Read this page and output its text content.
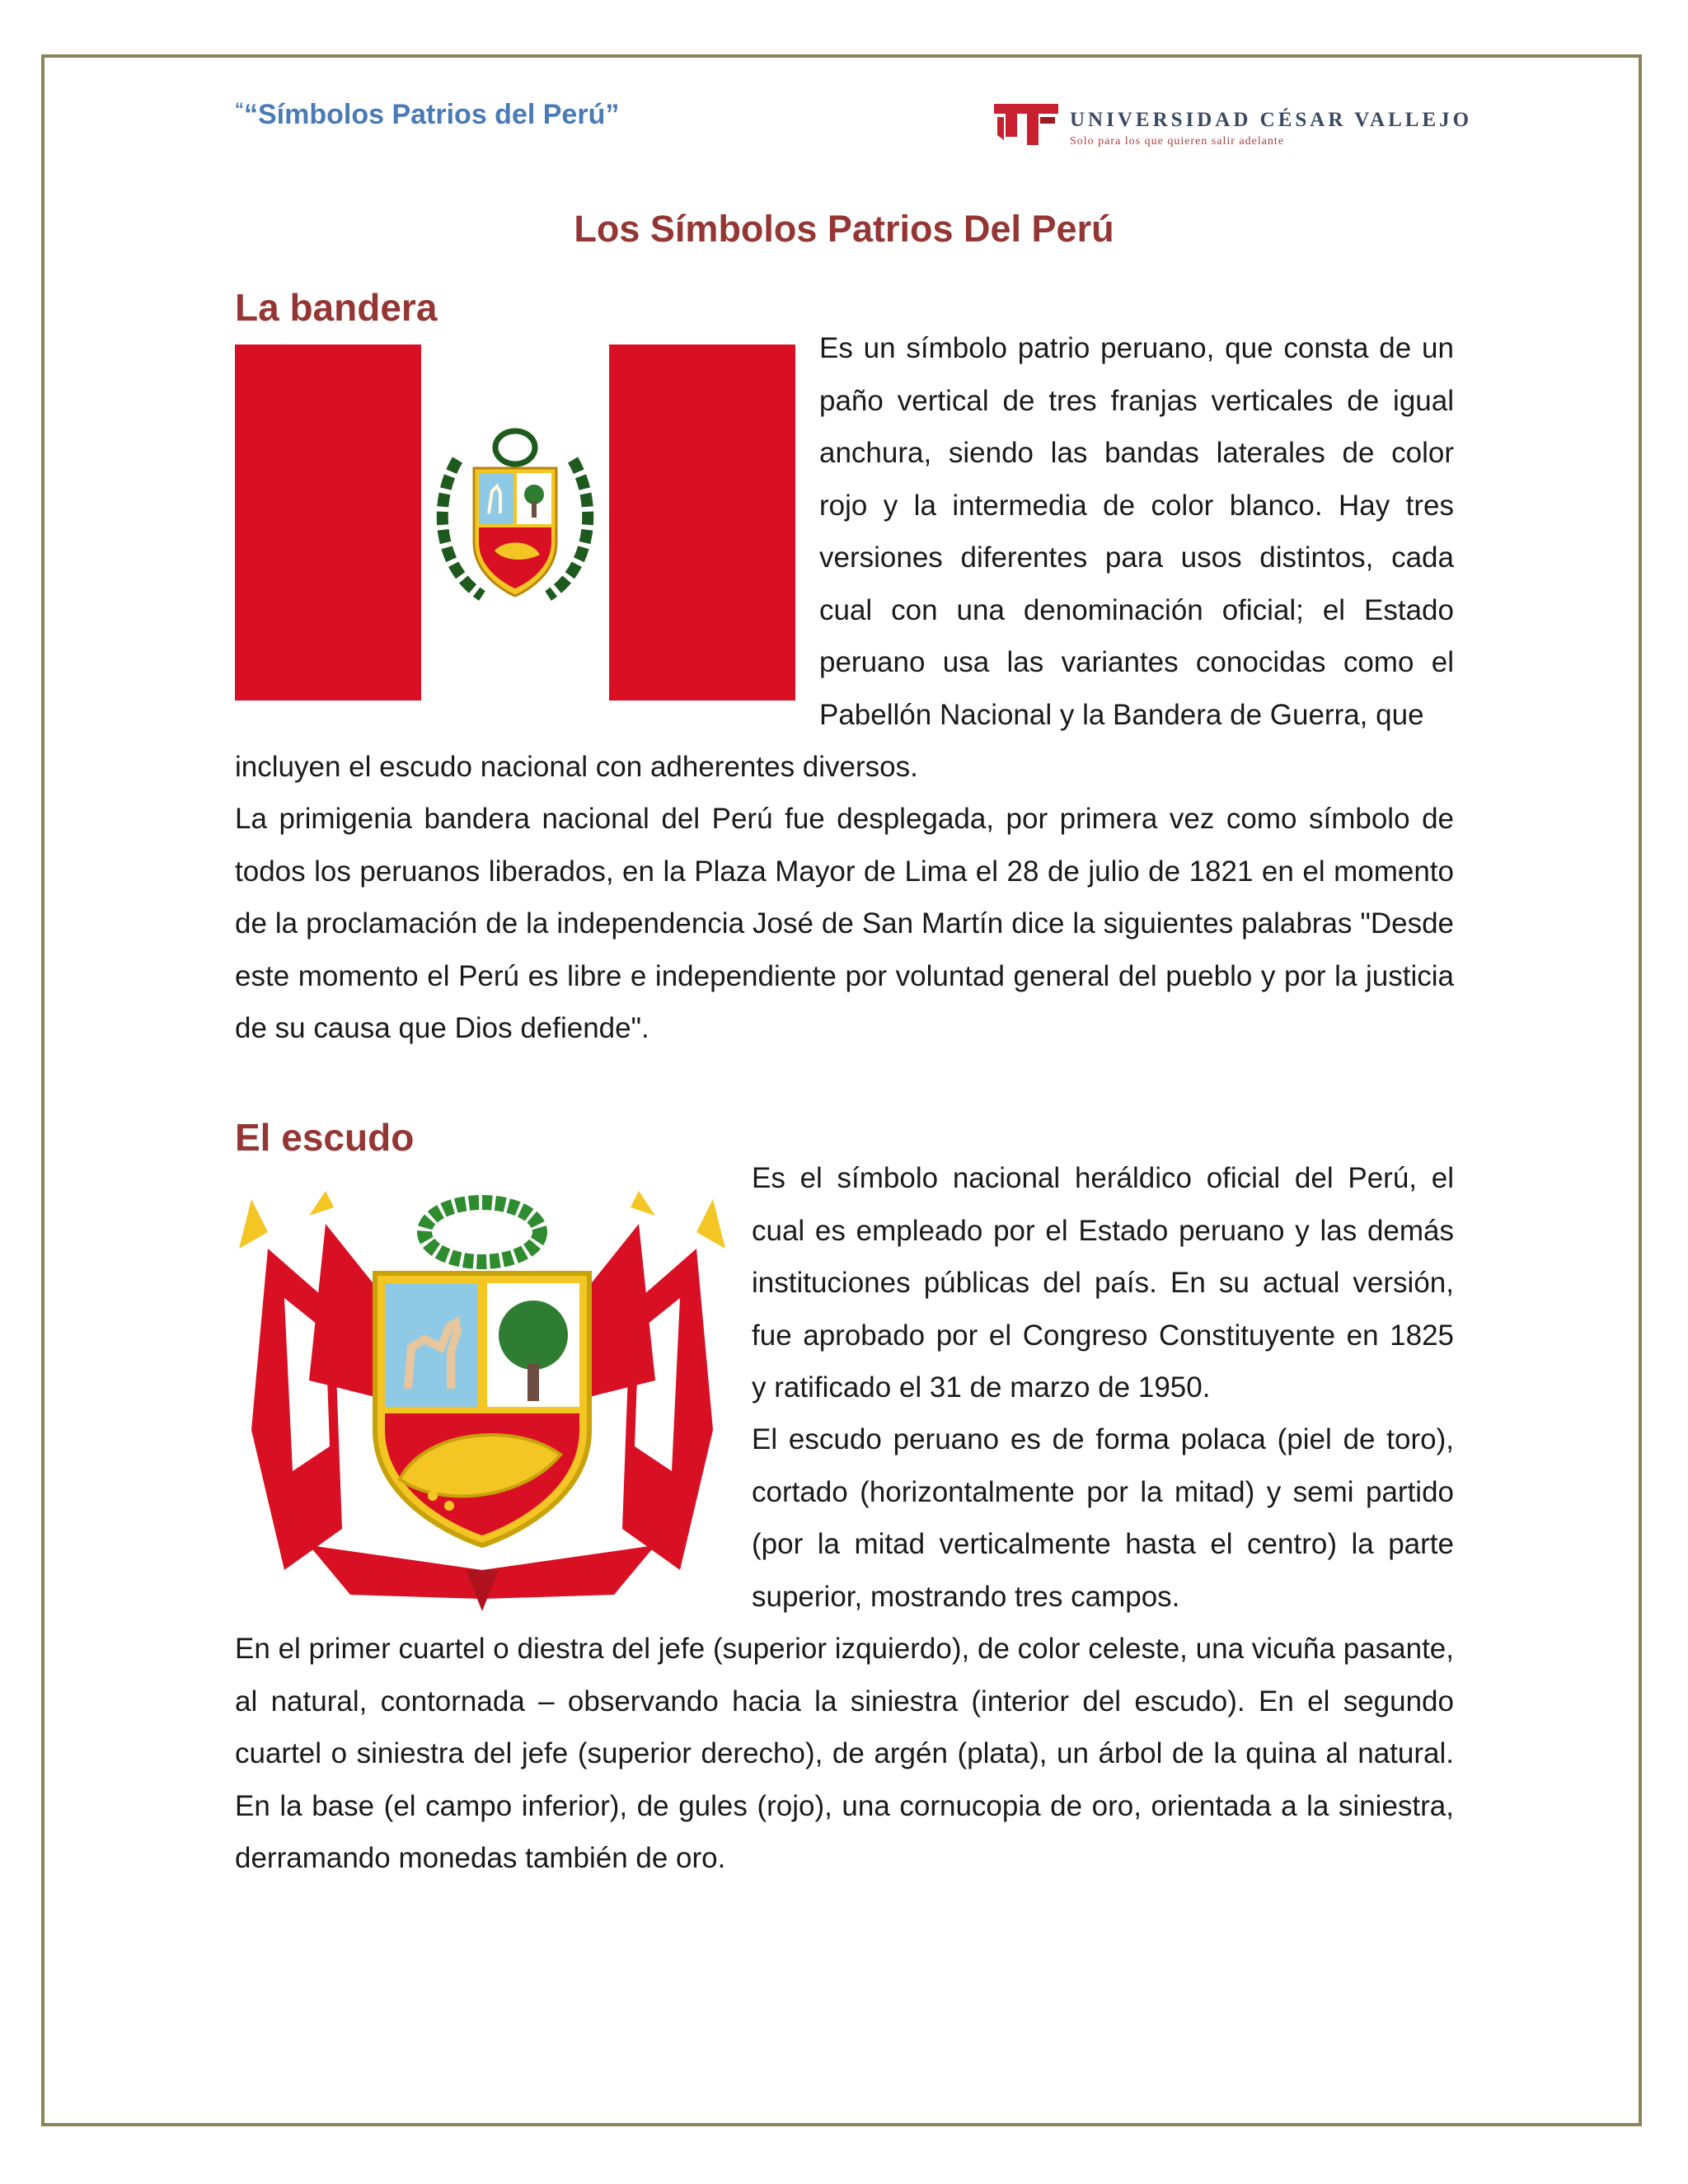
““Símbolos Patrios del Perú”	UNIVERSIDAD CÉSAR VALLEJO
Solo para los que quieren salir adelante
Los Símbolos Patrios Del Perú
La bandera

Es un símbolo patrio peruano, que consta de un paño vertical de tres franjas verticales de igual anchura, siendo las bandas laterales de color rojo y la intermedia de color blanco. Hay tres versiones diferentes para usos distintos, cada cual con una denominación oficial; el Estado peruano usa las variantes conocidas como el Pabellón Nacional y la Bandera de Guerra, que

incluyen el escudo nacional con adherentes diversos.

La primigenia bandera nacional del Perú fue desplegada, por primera vez como símbolo de todos los peruanos liberados, en la Plaza Mayor de Lima el 28 de julio de 1821 en el momento de la proclamación de la independencia José de San Martín dice la siguientes palabras "Desde este momento el Perú es libre e independiente por voluntad general del pueblo y por la justicia de su causa que Dios defiende".

El escudo

Es el símbolo nacional heráldico oficial del Perú, el cual es empleado por el Estado peruano y las demás instituciones públicas del país. En su actual versión, fue aprobado por el Congreso Constituyente en 1825 y ratificado el 31 de marzo de 1950.

El escudo peruano es de forma polaca (piel de toro), cortado (horizontalmente por la mitad) y semi partido (por la mitad verticalmente hasta el centro) la parte superior, mostrando tres campos.

En el primer cuartel o diestra del jefe (superior izquierdo), de color celeste, una vicuña pasante, al natural, contornada – observando hacia la siniestra (interior del escudo). En el segundo cuartel o siniestra del jefe (superior derecho), de argén (plata), un árbol de la quina al natural. En la base (el campo inferior), de gules (rojo), una cornucopia de oro, orientada a la siniestra, derramando monedas también de oro.
